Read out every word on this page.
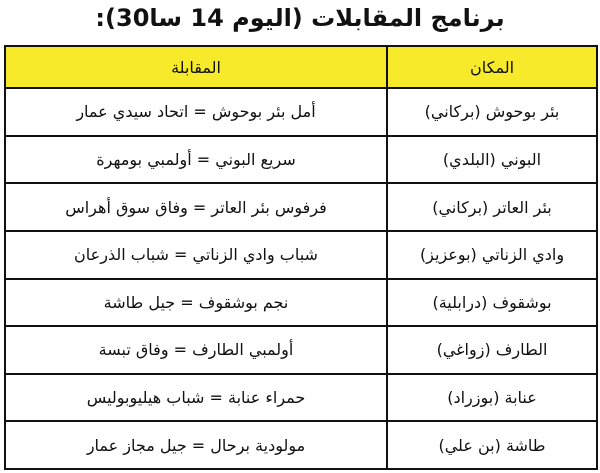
برنامج المقابلات (اليوم 14 سا30):
المكان	المقابلة
بئر بوحوش (بركاني)	أمل بئر بوحوش = اتحاد سيدي عمار
البوني (البلدي)	سريع البوني = أولمبي بومهرة
بئر العاتر (بركاني)	فرفوس بئر العاتر = وفاق سوق أهراس
وادي الزناتي (بوعزيز)	شباب وادي الزناتي = شباب الذرعان
بوشقوف (درابلية)	نجم بوشقوف = جيل طاشة
الطارف (زواغي)	أولمبي الطارف = وفاق تبسة
عنابة (بوزراد)	حمراء عنابة = شباب هيليوبوليس
طاشة (بن علي)	مولودية برحال = جيل مجاز عمار
